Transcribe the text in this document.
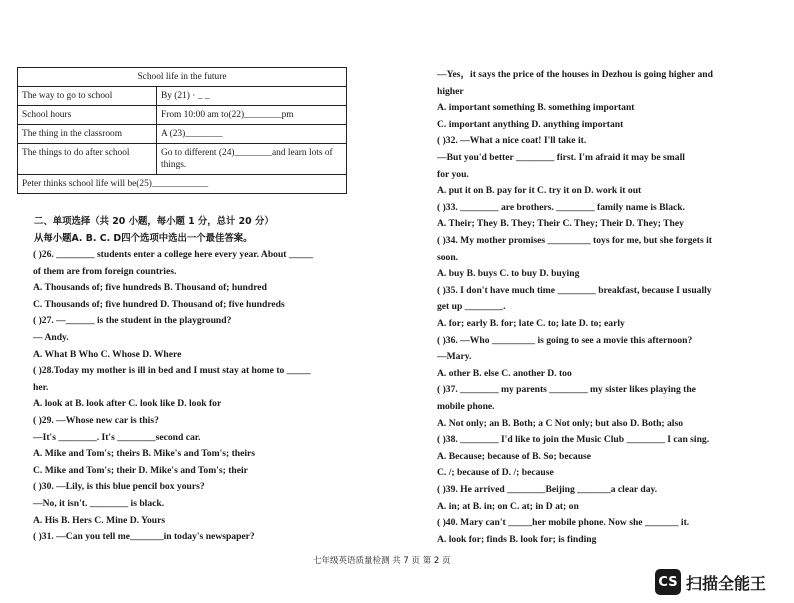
School life in the future	
The way to go to school	By (21) · _ _
School hours	From 10:00 am to(22)________pm
The thing in the classroom	A (23)________
The things to do after school	Go to different (24)________and learn lots of things.
Peter thinks school life will be(25)____________	
二、单项选择（共 20 小题，每小题 1 分，总计 20 分）
从每小题A. B. C. D四个选项中选出一个最佳答案。
( )26. ________ students enter a college here every year. About _____
of them are from foreign countries.
A. Thousands of; five hundreds B. Thousand of; hundred
C. Thousands of; five hundred D. Thousand of; five hundreds
( )27. —______ is the student in the playground?
— Andy.
A. What B Who C. Whose D. Where
( )28.Today my mother is ill in bed and I must stay at home to _____
her.
A. look at B. look after C. look like D. look for
( )29. —Whose new car is this?
—It's ________. It's ________second car.
A. Mike and Tom's; theirs B. Mike's and Tom's; theirs
C. Mike and Tom's; their D. Mike's and Tom's; their
( )30. —Lily, is this blue pencil box yours?
—No, it isn't. ________ is black.
A. His B. Hers C. Mine D. Yours
( )31. —Can you tell me_______in today's newspaper?
—Yes，it says the price of the houses in Dezhou is going higher and
higher
A. important something B. something important
C. important anything D. anything important
( )32. —What a nice coat! I'll take it.
—But you'd better ________ first. I'm afraid it may be small
for you.
A. put it on B. pay for it C. try it on D. work it out
( )33. ________ are brothers. ________ family name is Black.
A. Their; They B. They; Their C. They; Their D. They; They
( )34. My mother promises _________ toys for me, but she forgets it
soon.
A. buy B. buys C. to buy D. buying
( )35. I don't have much time ________ breakfast, because I usually
get up ________.
A. for; early B. for; late C. to; late D. to; early
( )36. —Who _________ is going to see a movie this afternoon?
—Mary.
A. other B. else C. another D. too
( )37. ________ my parents ________ my sister likes playing the
mobile phone.
A. Not only; an B. Both; a C Not only; but also D. Both; also
( )38. ________ I'd like to join the Music Club ________ I can sing.
A. Because; because of B. So; because
C. /; because of D. /; because
( )39. He arrived ________Beijing _______a clear day.
A. in; at B. in; on C. at; in D at; on
( )40. Mary can't _____her mobile phone. Now she _______ it.
A. look for; finds B. look for; is finding
七年级英语质量检测 共 7 页 第 2 页
CS 扫描全能王
